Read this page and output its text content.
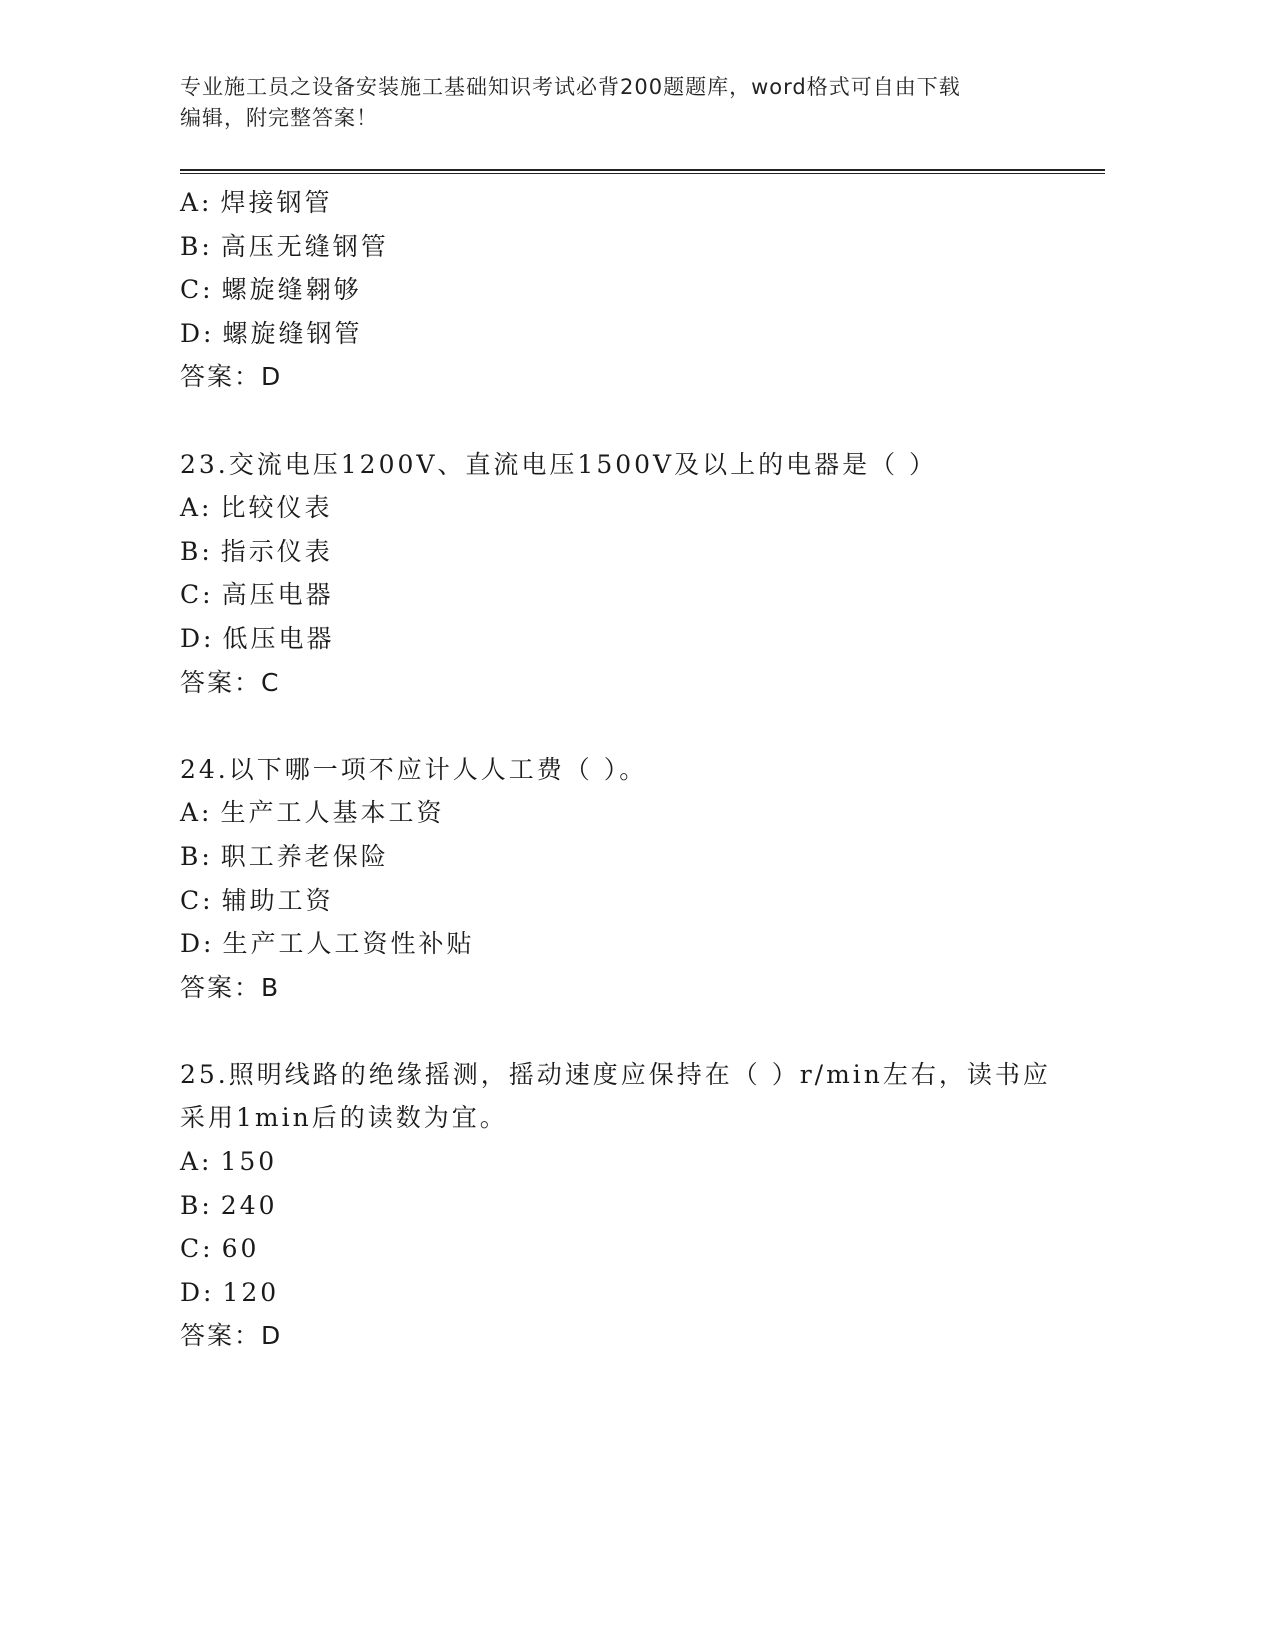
专业施工员之设备安装施工基础知识考试必背200题题库，word格式可自由下载
编辑，附完整答案！
A: 焊接钢管
B: 高压无缝钢管
C: 螺旋缝翱够
D: 螺旋缝钢管
答案：D
23.交流电压1200V、直流电压1500V及以上的电器是（ ）
A: 比较仪表
B: 指示仪表
C: 高压电器
D: 低压电器
答案：C
24.以下哪一项不应计人人工费（ ）。
A: 生产工人基本工资
B: 职工养老保险
C: 辅助工资
D: 生产工人工资性补贴
答案：B
25.照明线路的绝缘摇测，摇动速度应保持在（ ）r/min左右，读书应
采用1min后的读数为宜。
A: 150
B: 240
C: 60
D: 120
答案：D
